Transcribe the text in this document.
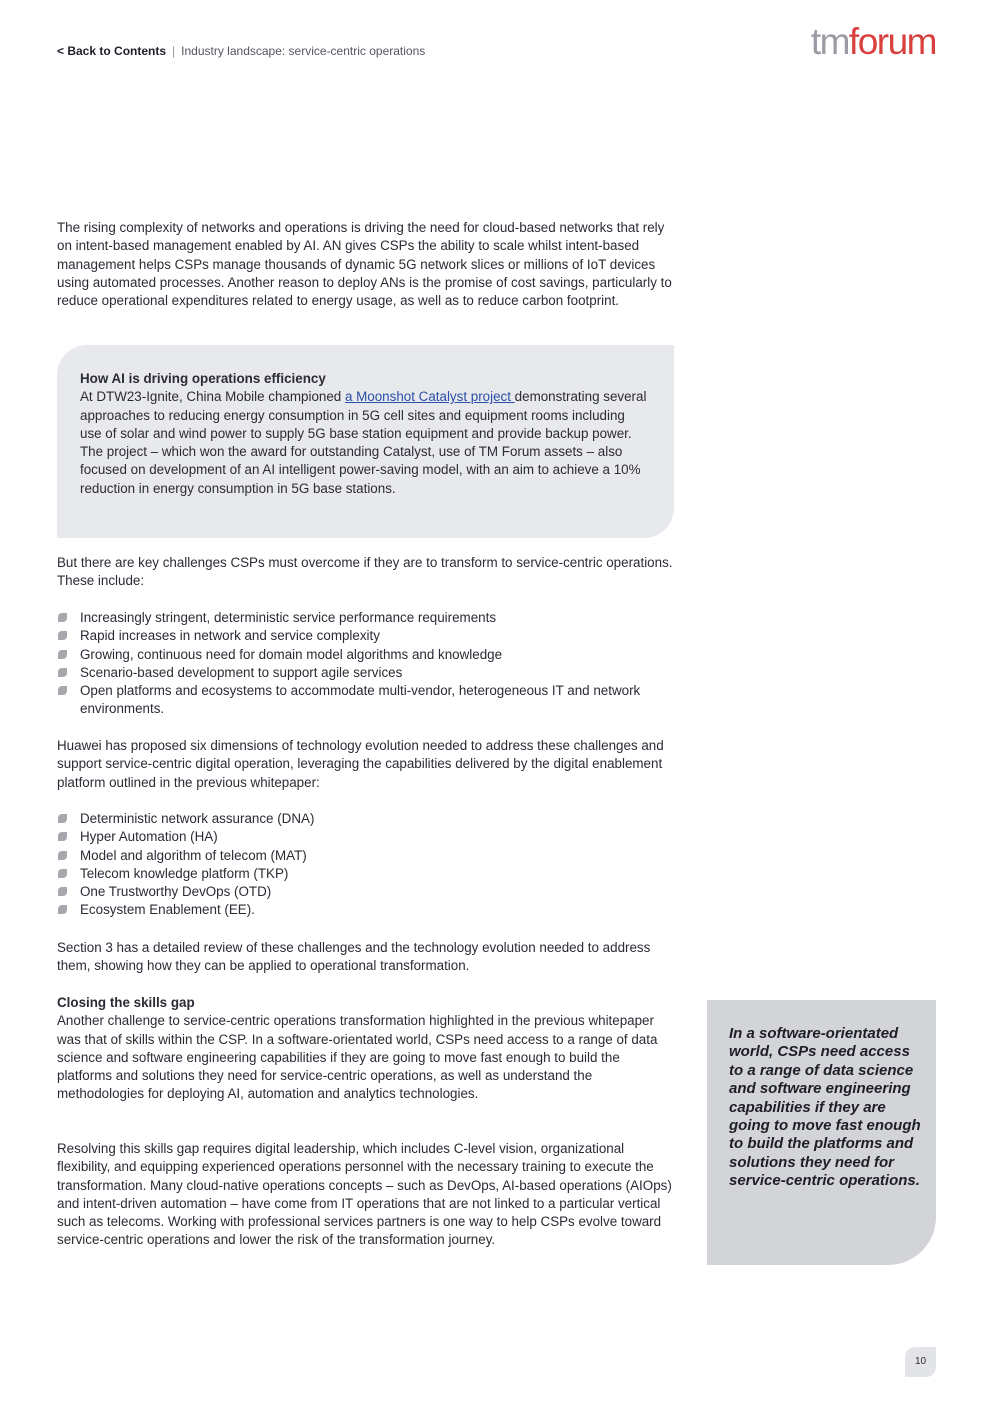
< Back to Contents | Industry landscape: service-centric operations	tmforum

The rising complexity of networks and operations is driving the need for cloud-based networks that rely on intent-based management enabled by AI. AN gives CSPs the ability to scale whilst intent-based management helps CSPs manage thousands of dynamic 5G network slices or millions of IoT devices using automated processes. Another reason to deploy ANs is the promise of cost savings, particularly to reduce operational expenditures related to energy usage, as well as to reduce carbon footprint.

How AI is driving operations efficiency
At DTW23-Ignite, China Mobile championed a Moonshot Catalyst project demonstrating several approaches to reducing energy consumption in 5G cell sites and equipment rooms including use of solar and wind power to supply 5G base station equipment and provide backup power. The project – which won the award for outstanding Catalyst, use of TM Forum assets – also focused on development of an AI intelligent power-saving model, with an aim to achieve a 10% reduction in energy consumption in 5G base stations.

But there are key challenges CSPs must overcome if they are to transform to service-centric operations. These include:

Increasingly stringent, deterministic service performance requirements
Rapid increases in network and service complexity
Growing, continuous need for domain model algorithms and knowledge
Scenario-based development to support agile services
Open platforms and ecosystems to accommodate multi-vendor, heterogeneous IT and network environments.

Huawei has proposed six dimensions of technology evolution needed to address these challenges and support service-centric digital operation, leveraging the capabilities delivered by the digital enablement platform outlined in the previous whitepaper:

Deterministic network assurance (DNA)
Hyper Automation (HA)
Model and algorithm of telecom (MAT)
Telecom knowledge platform (TKP)
One Trustworthy DevOps (OTD)
Ecosystem Enablement (EE).

Section 3 has a detailed review of these challenges and the technology evolution needed to address them, showing how they can be applied to operational transformation.

Closing the skills gap

Another challenge to service-centric operations transformation highlighted in the previous whitepaper was that of skills within the CSP. In a software-orientated world, CSPs need access to a range of data science and software engineering capabilities if they are going to move fast enough to build the platforms and solutions they need for service-centric operations, as well as understand the methodologies for deploying AI, automation and analytics technologies.

Resolving this skills gap requires digital leadership, which includes C-level vision, organizational flexibility, and equipping experienced operations personnel with the necessary training to execute the transformation. Many cloud-native operations concepts – such as DevOps, AI-based operations (AIOps) and intent-driven automation – have come from IT operations that are not linked to a particular vertical such as telecoms. Working with professional services partners is one way to help CSPs evolve toward service-centric operations and lower the risk of the transformation journey.

In a software-orientated world, CSPs need access to a range of data science and software engineering capabilities if they are going to move fast enough to build the platforms and solutions they need for service-centric operations.
10
